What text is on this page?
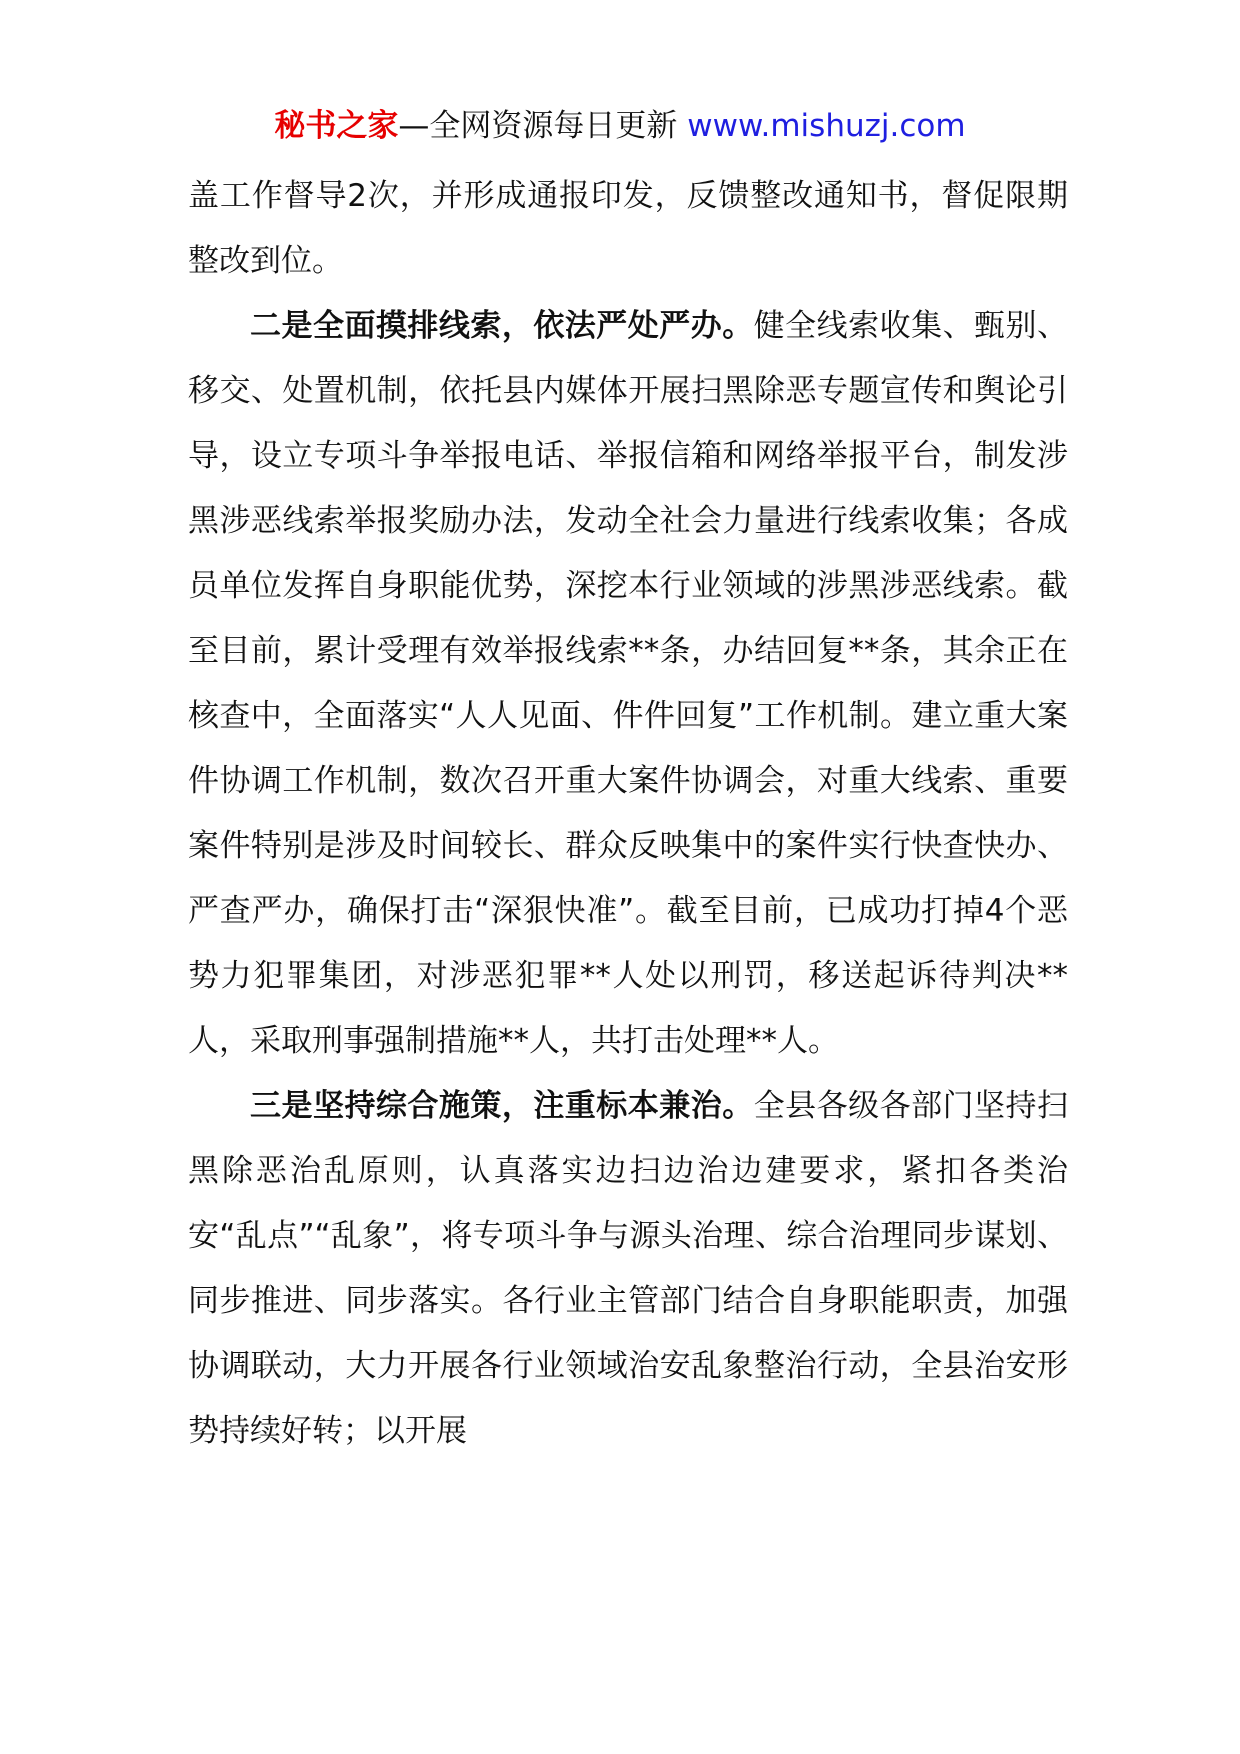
秘书之家—全网资源每日更新 www.mishuzj.com

盖工作督导2次，并形成通报印发，反馈整改通知书，督促限期整改到位。

二是全面摸排线索，依法严处严办。健全线索收集、甄别、移交、处置机制，依托县内媒体开展扫黑除恶专题宣传和舆论引导，设立专项斗争举报电话、举报信箱和网络举报平台，制发涉黑涉恶线索举报奖励办法，发动全社会力量进行线索收集；各成员单位发挥自身职能优势，深挖本行业领域的涉黑涉恶线索。截至目前，累计受理有效举报线索**条，办结回复**条，其余正在核查中，全面落实“人人见面、件件回复”工作机制。建立重大案件协调工作机制，数次召开重大案件协调会，对重大线索、重要案件特别是涉及时间较长、群众反映集中的案件实行快查快办、严查严办，确保打击“深狠快准”。截至目前，已成功打掉4个恶势力犯罪集团，对涉恶犯罪**人处以刑罚，移送起诉待判决**人，采取刑事强制措施**人，共打击处理**人。

三是坚持综合施策，注重标本兼治。全县各级各部门坚持扫黑除恶治乱原则，认真落实边扫边治边建要求，紧扣各类治安“乱点”“乱象”，将专项斗争与源头治理、综合治理同步谋划、同步推进、同步落实。各行业主管部门结合自身职能职责，加强协调联动，大力开展各行业领域治安乱象整治行动，全县治安形势持续好转；以开展
